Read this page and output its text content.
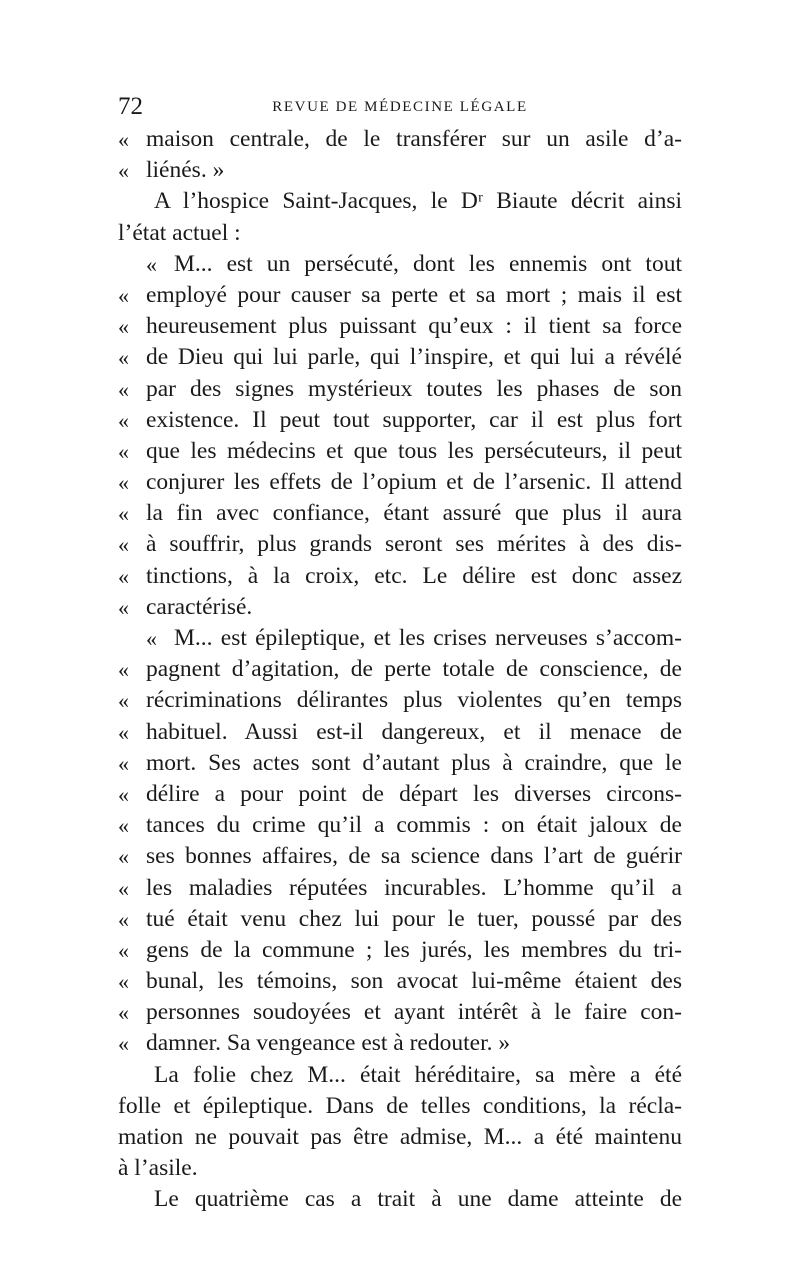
72	REVUE DE MÉDECINE LÉGALE
« maison centrale, de le transférer sur un asile d’a-
« liénés. »
A l’hospice Saint-Jacques, le Dʳ Biaute décrit ainsi
l’état actuel :
« M... est un persécuté, dont les ennemis ont tout
« employé pour causer sa perte et sa mort ; mais il est
« heureusement plus puissant qu’eux : il tient sa force
« de Dieu qui lui parle, qui l’inspire, et qui lui a révélé
« par des signes mystérieux toutes les phases de son
« existence. Il peut tout supporter, car il est plus fort
« que les médecins et que tous les persécuteurs, il peut
« conjurer les effets de l’opium et de l’arsenic. Il attend
« la fin avec confiance, étant assuré que plus il aura
« à souffrir, plus grands seront ses mérites à des dis-
« tinctions, à la croix, etc. Le délire est donc assez
« caractérisé.
« M... est épileptique, et les crises nerveuses s’accom-
« pagnent d’agitation, de perte totale de conscience, de
« récriminations délirantes plus violentes qu’en temps
« habituel. Aussi est-il dangereux, et il menace de
« mort. Ses actes sont d’autant plus à craindre, que le
« délire a pour point de départ les diverses circons-
« tances du crime qu’il a commis : on était jaloux de
« ses bonnes affaires, de sa science dans l’art de guérir
« les maladies réputées incurables. L’homme qu’il a
« tué était venu chez lui pour le tuer, poussé par des
« gens de la commune ; les jurés, les membres du tri-
« bunal, les témoins, son avocat lui-même étaient des
« personnes soudoyées et ayant intérêt à le faire con-
« damner. Sa vengeance est à redouter. »
La folie chez M... était héréditaire, sa mère a été
folle et épileptique. Dans de telles conditions, la récla-
mation ne pouvait pas être admise, M... a été maintenu
à l’asile.
Le quatrième cas a trait à une dame atteinte de
